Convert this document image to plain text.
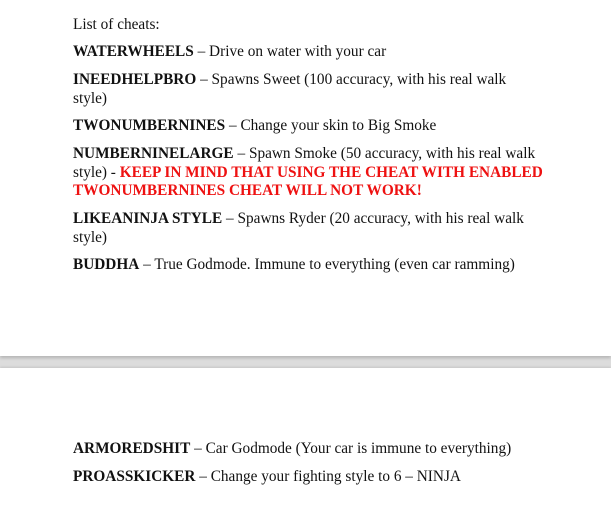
List of cheats:

WATERWHEELS – Drive on water with your car
INEEDHELPBRO – Spawns Sweet (100 accuracy, with his real walk style)
TWONUMBERNINES – Change your skin to Big Smoke
NUMBERNINELARGE – Spawn Smoke (50 accuracy, with his real walk style) - KEEP IN MIND THAT USING THE CHEAT WITH ENABLED TWONUMBERNINES CHEAT WILL NOT WORK!
LIKEANINJA STYLE – Spawns Ryder (20 accuracy, with his real walk style)
BUDDHA – True Godmode. Immune to everything (even car ramming)
ARMOREDSHIT – Car Godmode (Your car is immune to everything)
PROASSKICKER – Change your fighting style to 6 – NINJA
